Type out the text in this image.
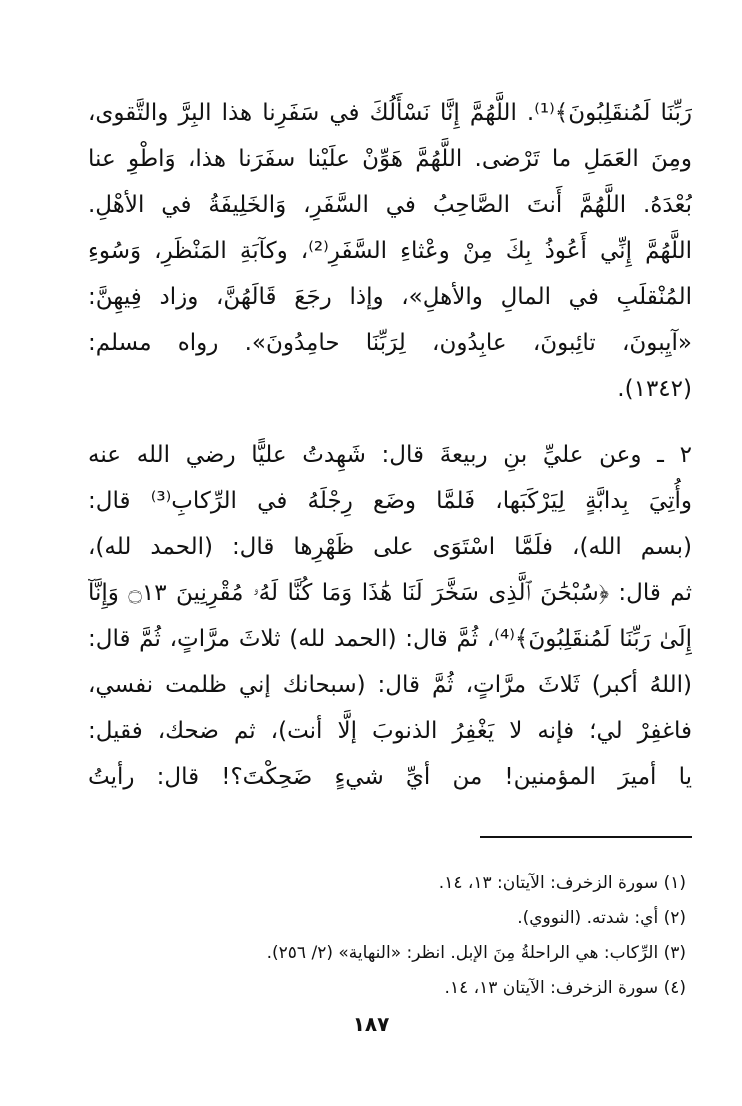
رَبِّنَا لَمُنقَلِبُونَ﴾⁽¹⁾. اللَّهُمَّ إِنَّا نَسْأَلُكَ في سَفَرِنا هذا البِرَّ والتَّقوى،
ومِنَ العَمَلِ ما تَرْضى. اللَّهُمَّ هَوِّنْ علَيْنا سفَرَنا هذا، وَاطْوِ عنا
بُعْدَهُ. اللَّهُمَّ أَنتَ الصَّاحِبُ في السَّفَرِ، وَالخَلِيفَةُ في الأهْلِ.
اللَّهُمَّ إِنِّي أَعُوذُ بِكَ مِنْ وعْثاءِ السَّفَرِ⁽²⁾، وكآبَةِ المَنْظَرِ، وَسُوءِ
المُنْقلَبِ في المالِ والأهلِ»، وإذا رجَعَ قَالَهُنَّ، وزاد فِيهِنَّ:
«آيِبونَ، تائِبونَ، عابِدُون، لِرَبِّنَا حامِدُونَ». رواه مسلم:
(١٣٤٢).
٢ ـ وعن عليِّ بنِ ربيعةَ قال: شَهِدتُ عليًّا رضي الله عنه
وأُتِيَ بِدابَّةٍ لِيَرْكَبَها، فَلمَّا وضَع رِجْلَهُ في الرِّكابِ⁽³⁾ قال:
(بسم الله)، فلَمَّا اسْتَوَى على ظَهْرِها قال: (الحمد لله)،
ثم قال: ﴿سُبْحَٰنَ ٱلَّذِى سَخَّرَ لَنَا هَٰذَا وَمَا كُنَّا لَهُۥ مُقْرِنِينَ ۝١٣ وَإِنَّآ
إِلَىٰ رَبِّنَا لَمُنقَلِبُونَ﴾⁽⁴⁾، ثُمَّ قال: (الحمد لله) ثلاثَ مرَّاتٍ، ثُمَّ قال:
(اللهُ أكبر) ثَلاثَ مرَّاتٍ، ثُمَّ قال: (سبحانك إني ظلمت نفسي،
فاغفِرْ لي؛ فإنه لا يَغْفِرُ الذنوبَ إلَّا أنت)، ثم ضحك، فقيل:
يا أميرَ المؤمنين! من أيِّ شيءٍ ضَحِكْتَ؟! قال: رأيتُ
(١) سورة الزخرف: الآيتان: ١٣، ١٤.
(٢) أي: شدته. (النووي).
(٣) الرِّكاب: هي الراحلةُ مِنَ الإبل. انظر: «النهاية» (٢/ ٢٥٦).
(٤) سورة الزخرف: الآيتان ١٣، ١٤.
١٨٧
